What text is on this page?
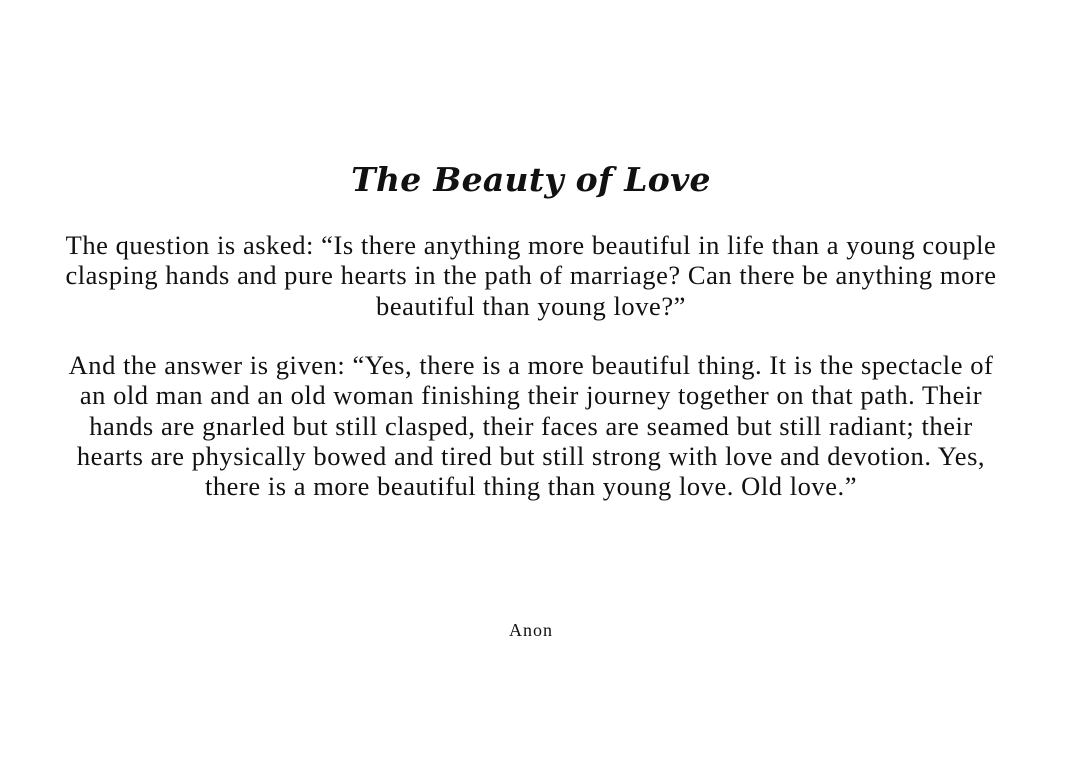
The Beauty of Love

The question is asked: “Is there anything more beautiful in life than a young couple clasping hands and pure hearts in the path of marriage? Can there be anything more beautiful than young love?”

And the answer is given: “Yes, there is a more beautiful thing. It is the spectacle of an old man and an old woman finishing their journey together on that path. Their hands are gnarled but still clasped, their faces are seamed but still radiant; their hearts are physically bowed and tired but still strong with love and devotion. Yes, there is a more beautiful thing than young love. Old love.”

Anon
